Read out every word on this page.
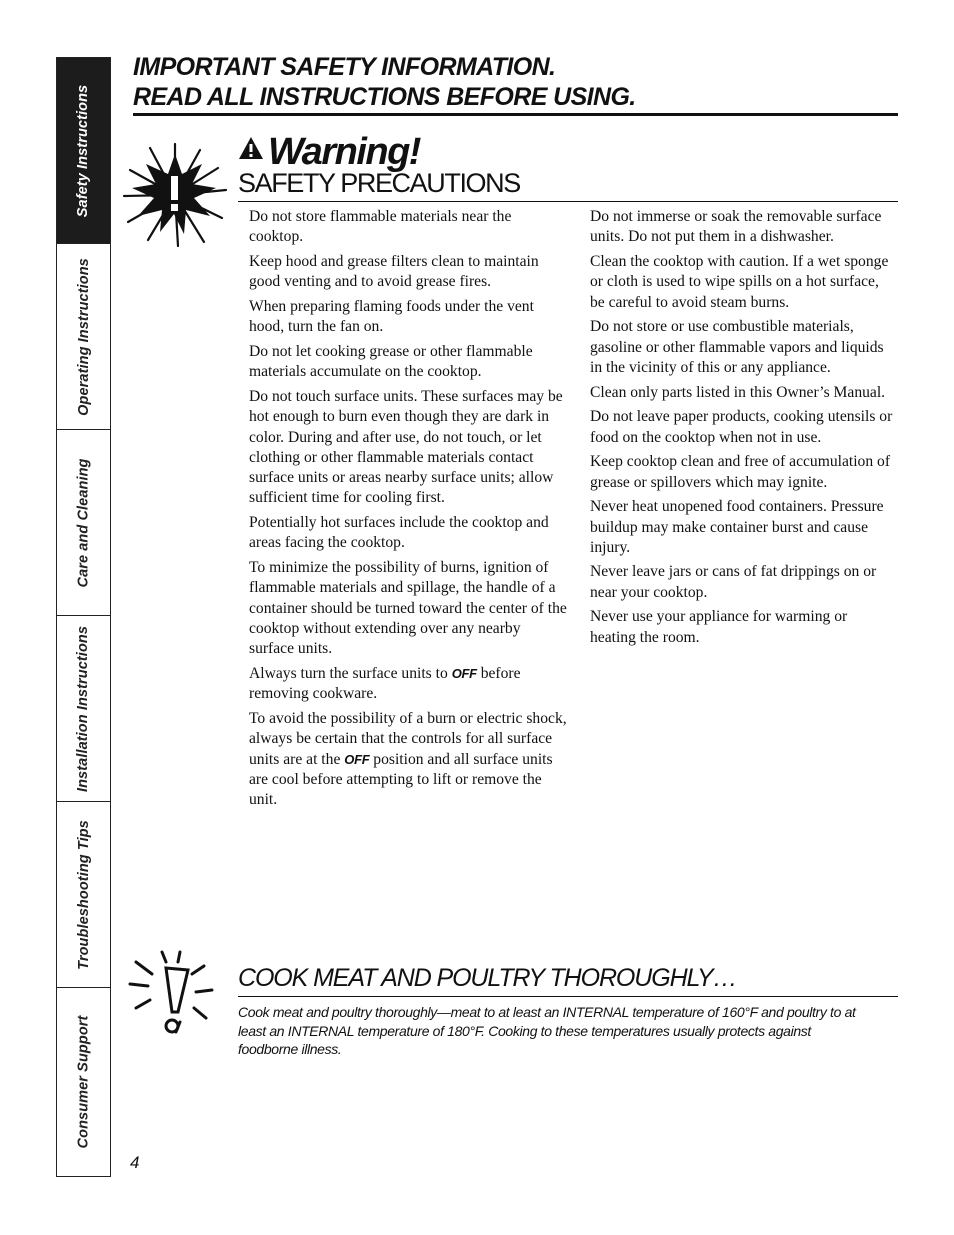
Safety Instructions
Operating Instructions
Care and Cleaning
Installation Instructions
Troubleshooting Tips
Consumer Support

IMPORTANT SAFETY INFORMATION.

READ ALL INSTRUCTIONS BEFORE USING.

Warning!
SAFETY PRECAUTIONS

Do not store flammable materials near the cooktop.

Keep hood and grease filters clean to maintain good venting and to avoid grease fires.

When preparing flaming foods under the vent hood, turn the fan on.

Do not let cooking grease or other flammable materials accumulate on the cooktop.

Do not touch surface units. These surfaces may be hot enough to burn even though they are dark in color. During and after use, do not touch, or let clothing or other flammable materials contact surface units or areas nearby surface units; allow sufficient time for cooling first.

Potentially hot surfaces include the cooktop and areas facing the cooktop.

To minimize the possibility of burns, ignition of flammable materials and spillage, the handle of a container should be turned toward the center of the cooktop without extending over any nearby surface units.

Always turn the surface units to OFF before removing cookware.

To avoid the possibility of a burn or electric shock, always be certain that the controls for all surface units are at the OFF position and all surface units are cool before attempting to lift or remove the unit.

Do not immerse or soak the removable surface units. Do not put them in a dishwasher.

Clean the cooktop with caution. If a wet sponge or cloth is used to wipe spills on a hot surface, be careful to avoid steam burns.

Do not store or use combustible materials, gasoline or other flammable vapors and liquids in the vicinity of this or any appliance.

Clean only parts listed in this Owner’s Manual.

Do not leave paper products, cooking utensils or food on the cooktop when not in use.

Keep cooktop clean and free of accumulation of grease or spillovers which may ignite.

Never heat unopened food containers. Pressure buildup may make container burst and cause injury.

Never leave jars or cans of fat drippings on or near your cooktop.

Never use your appliance for warming or heating the room.

COOK MEAT AND POULTRY THOROUGHLY…

Cook meat and poultry thoroughly—meat to at least an INTERNAL temperature of 160°F and poultry to at least an INTERNAL temperature of 180°F. Cooking to these temperatures usually protects against foodborne illness.

4
